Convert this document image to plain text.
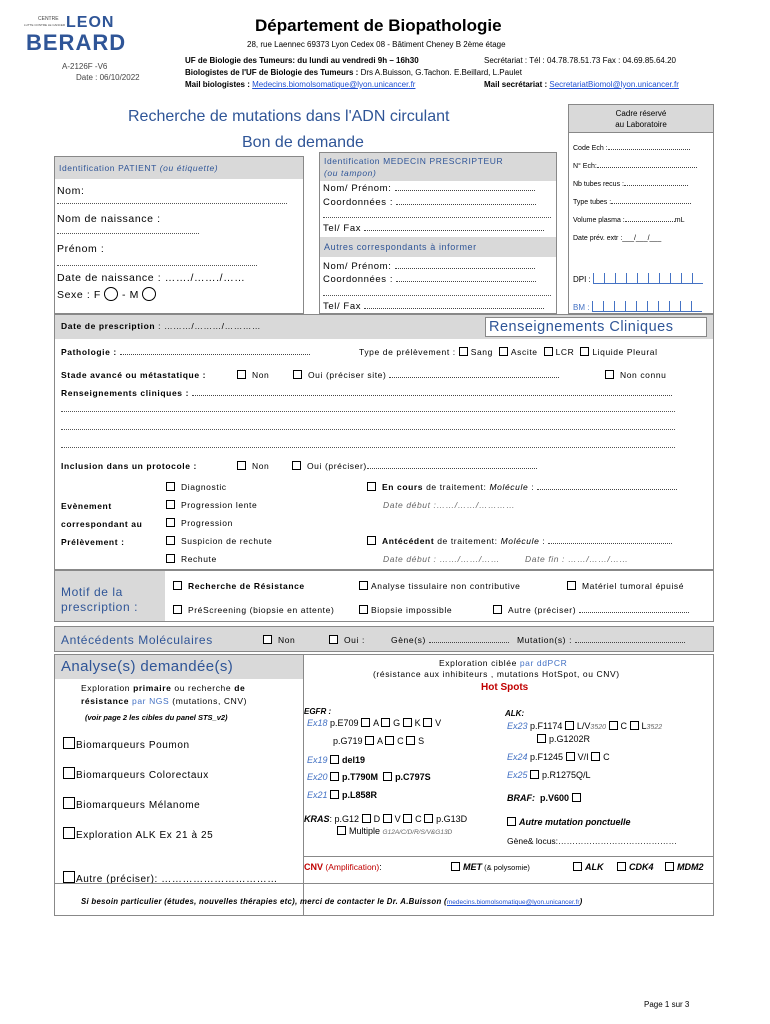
CENTRE
LUTTE CONTRE LE CANCER LEON
BERARD
Département de Biopathologie
28, rue Laennec 69373 Lyon Cedex 08 - Bâtiment Cheney B 2ème étage
A-2126F -V6
Date : 06/10/2022
UF de Biologie des Tumeurs: du lundi au vendredi 9h – 16h30	Secrétariat : Tél : 04.78.78.51.73 Fax : 04.69.85.64.20
Biologistes de l'UF de Biologie des Tumeurs : Drs A.Buisson, G.Tachon. E.Beillard, L.Paulet
Mail biologistes : Medecins.biomolsomatique@lyon.unicancer.fr	Mail secrétariat : SecretariatBiomol@lyon.unicancer.fr
Recherche de mutations dans l'ADN circulant
Bon de demande
Cadre réservé
au Laboratoire
Code Ech :
N° Ech:
Nb tubes recus :
Type tubes :
Volume plasma :	mL
Date prév. extr :___/___/___
DPI :
BM :
Identification PATIENT (ou étiquette)
Nom:
Nom de naissance :
Prénom :
Date de naissance : ……./……./……
Sexe : F - M
Identification MEDECIN PRESCRIPTEUR
(ou tampon)
Nom/ Prénom:
Coordonnées :
Tel/ Fax
Autres correspondants à informer
Nom/ Prénom:
Coordonnées :
Tel/ Fax
Date de prescription : ………/………/…………	Renseignements Cliniques
Pathologie :	Type de prélèvement : Sang Ascite LCR Liquide Pleural
Stade avancé ou métastatique :	Non	Oui (préciser site)	Non connu
Renseignements cliniques :
Inclusion dans un protocole :	Non	Oui (préciser)
Evènement
correspondant au
Prélèvement :
Diagnostic
Progression lente
Progression
Suspicion de rechute
Rechute
En cours de traitement: Molécule :
Date début :……/……/…………
Antécédent de traitement: Molécule :
Date début : ……/……/……	Date fin : ……/……/……
Motif de la
prescription :
Recherche de Résistance	Analyse tissulaire non contributive	Matériel tumoral épuisé
PréScreening (biopsie en attente)	Biopsie impossible	Autre (préciser)
Antécédents Moléculaires	Non	Oui :	Gène(s)	Mutation(s) :
Analyse(s) demandée(s)
Exploration primaire ou recherche de
résistance par NGS (mutations, CNV)
(voir page 2 les cibles du panel STS_v2)
Biomarqueurs Poumon
Biomarqueurs Colorectaux
Biomarqueurs Mélanome
Exploration ALK Ex 21 à 25
Autre (préciser): ……………………………
Exploration ciblée par ddPCR
(résistance aux inhibiteurs , mutations HotSpot, ou CNV)
Hot Spots
EGFR :
Ex18 p.E709 A G K V
p.G719 A C S
Ex19 del19
Ex20 p.T790M p.C797S
Ex21 p.L858R
ALK:
Ex23 p.F1174 L/V3520 C L3522
p.G1202R
Ex24 p.F1245 V/I C
Ex25 p.R1275Q/L
KRAS: p.G12 D V C p.G13D
Multiple G12A/C/D/R/S/V&G13D
BRAF: p.V600
Autre mutation ponctuelle
Gène& locus:……………………………………
CNV (Amplification):	MET (& polysomie)	ALK	CDK4	MDM2
Si besoin particulier (études, nouvelles thérapies etc), merci de contacter le Dr. A.Buisson (medecins.biomolsomatique@lyon.unicancer.fr)
Page 1 sur 3
